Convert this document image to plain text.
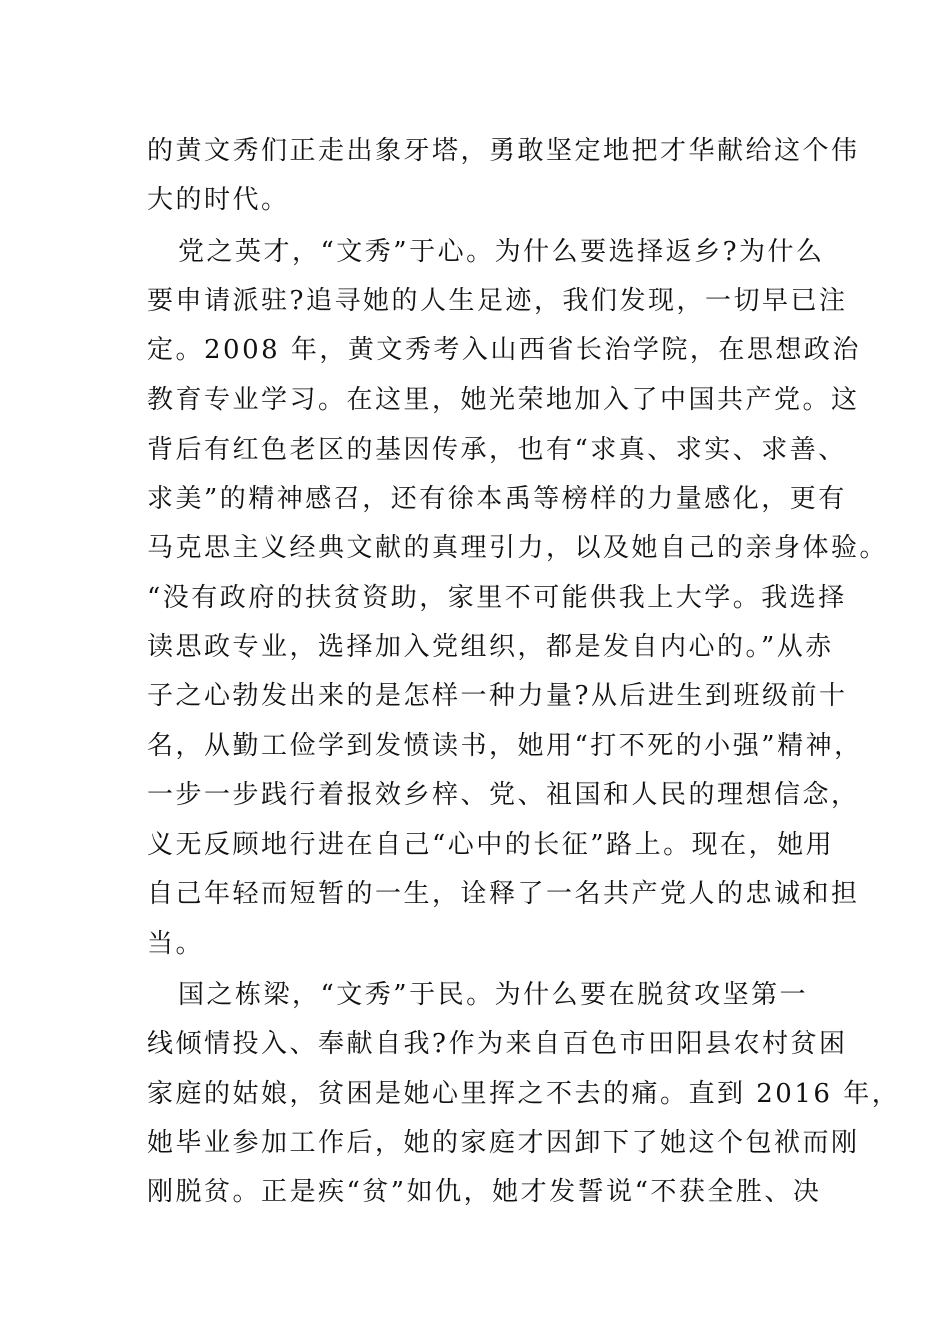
的黄文秀们正走出象牙塔，勇敢坚定地把才华献给这个伟
大的时代。
党之英才，“文秀”于心。为什么要选择返乡?为什么
要申请派驻?追寻她的人生足迹，我们发现，一切早已注
定。2008 年，黄文秀考入山西省长治学院，在思想政治
教育专业学习。在这里，她光荣地加入了中国共产党。这
背后有红色老区的基因传承，也有“求真、求实、求善、
求美”的精神感召，还有徐本禹等榜样的力量感化，更有
马克思主义经典文献的真理引力，以及她自己的亲身体验。
“没有政府的扶贫资助，家里不可能供我上大学。我选择
读思政专业，选择加入党组织，都是发自内心的。”从赤
子之心勃发出来的是怎样一种力量?从后进生到班级前十
名，从勤工俭学到发愤读书，她用“打不死的小强”精神，
一步一步践行着报效乡梓、党、祖国和人民的理想信念，
义无反顾地行进在自己“心中的长征”路上。现在，她用
自己年轻而短暂的一生，诠释了一名共产党人的忠诚和担
当。
国之栋梁，“文秀”于民。为什么要在脱贫攻坚第一
线倾情投入、奉献自我?作为来自百色市田阳县农村贫困
家庭的姑娘，贫困是她心里挥之不去的痛。直到 2016 年，
她毕业参加工作后，她的家庭才因卸下了她这个包袱而刚
刚脱贫。正是疾“贫”如仇，她才发誓说“不获全胜、决
